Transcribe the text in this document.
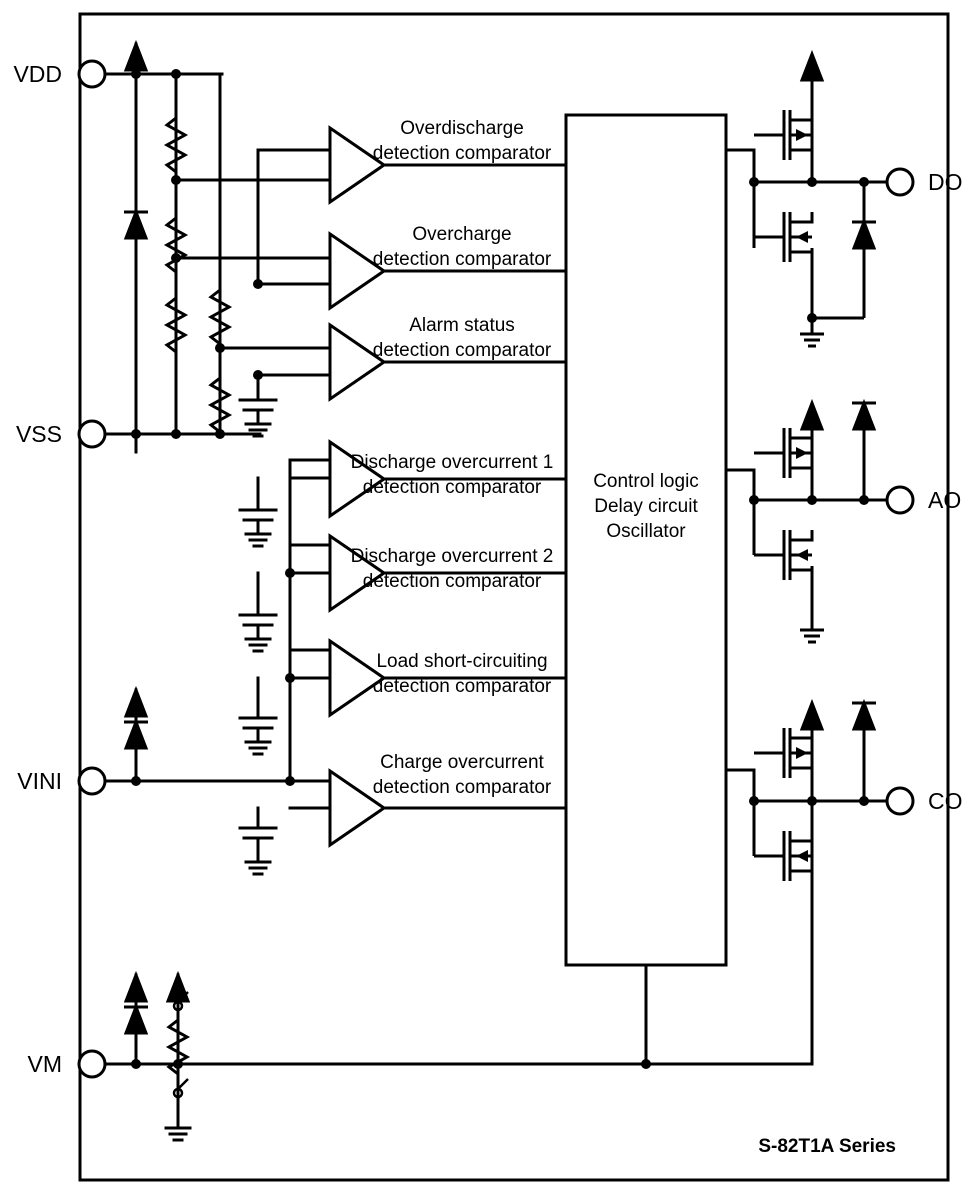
VDD
VSS
VINI
VM
DO
AO
CO
Control logic
Delay circuit
Oscillator
Overdischarge
detection comparator
Overcharge
detection comparator
Alarm status
detection comparator
Discharge overcurrent 1
detection comparator
Discharge overcurrent 2
detection comparator
Load short-circuiting
detection comparator
Charge overcurrent
detection comparator
S-82T1A Series
